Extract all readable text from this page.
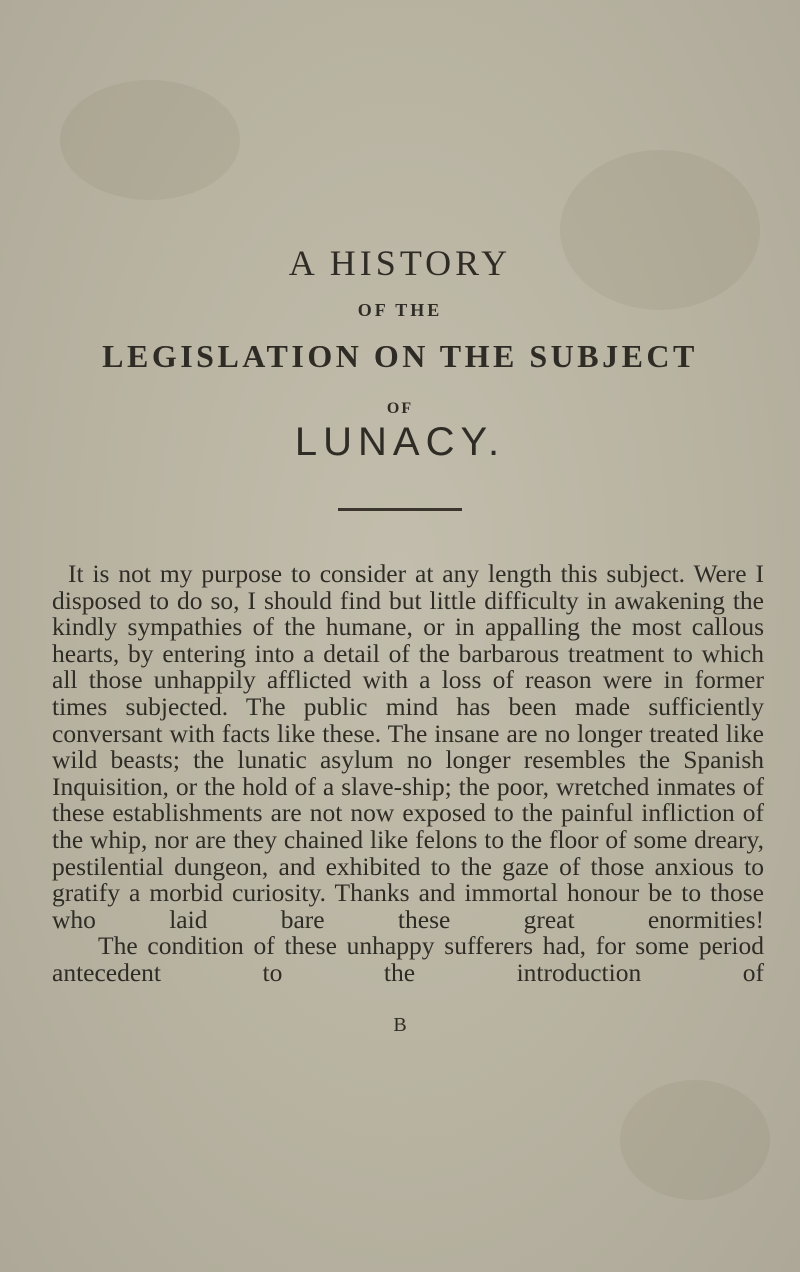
A HISTORY
OF THE
LEGISLATION ON THE SUBJECT
OF
LUNACY.

It is not my purpose to consider at any length this subject. Were I disposed to do so, I should find but little difficulty in awakening the kindly sympathies of the humane, or in appalling the most callous hearts, by entering into a detail of the barbarous treatment to which all those unhappily afflicted with a loss of reason were in former times subjected. The public mind has been made sufficiently conversant with facts like these. The insane are no longer treated like wild beasts; the lunatic asylum no longer resembles the Spanish Inquisition, or the hold of a slave-ship; the poor, wretched inmates of these establishments are not now exposed to the painful infliction of the whip, nor are they chained like felons to the floor of some dreary, pestilential dungeon, and exhibited to the gaze of those anxious to gratify a morbid curiosity. Thanks and immortal honour be to those who laid bare these great enormities!

The condition of these unhappy sufferers had, for some period antecedent to the introduction of

B
